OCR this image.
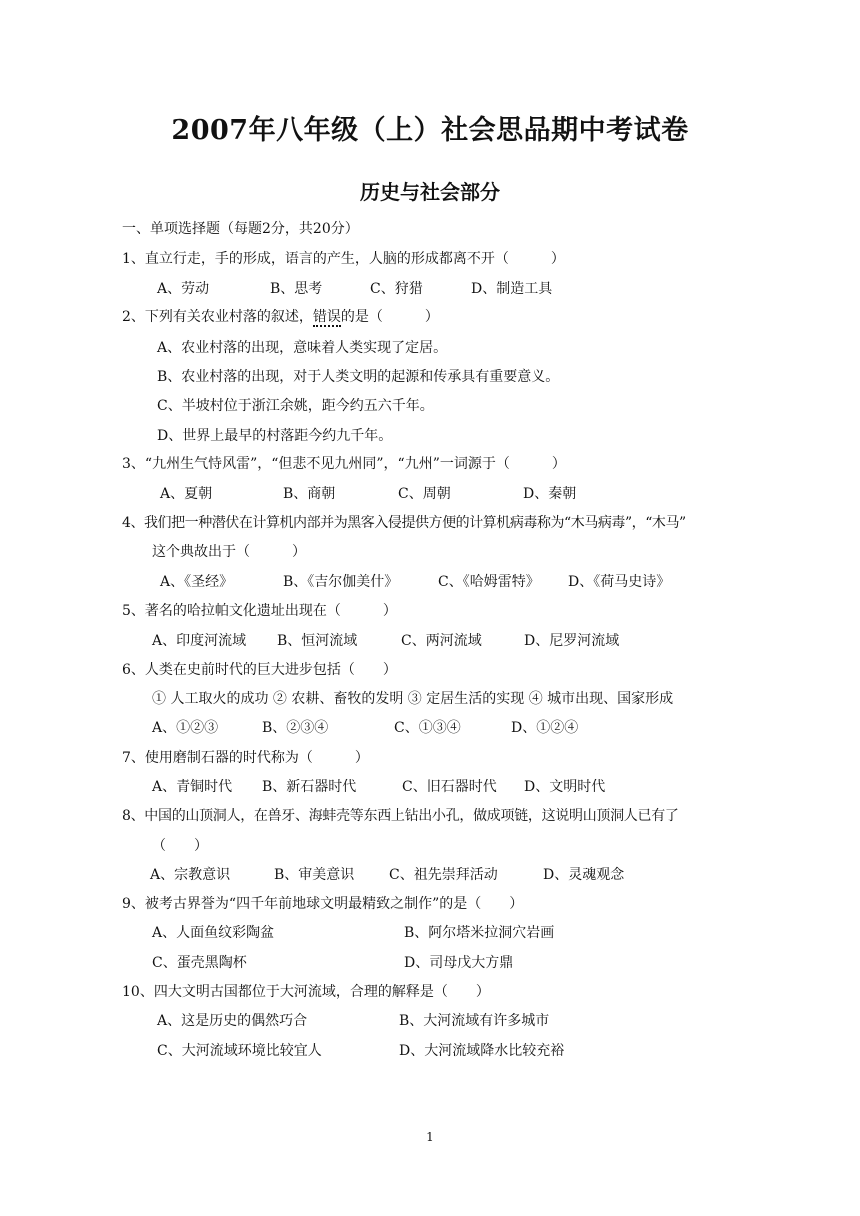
2007年八年级（上）社会思品期中考试卷
历史与社会部分
一、单项选择题（每题2分，共20分）
1、直立行走，手的形成，语言的产生，人脑的形成都离不开（　　　）
A、劳动	B、思考	C、狩猎	D、制造工具
2、下列有关农业村落的叙述，错误的是（　　　）
A、农业村落的出现，意味着人类实现了定居。
B、农业村落的出现，对于人类文明的起源和传承具有重要意义。
C、半坡村位于浙江余姚，距今约五六千年。
D、世界上最早的村落距今约九千年。
3、“九州生气恃风雷”，“但悲不见九州同”，“九州”一词源于（　　　）
A、夏朝	B、商朝	C、周朝	D、秦朝
4、我们把一种潜伏在计算机内部并为黑客入侵提供方便的计算机病毒称为“木马病毒”，“木马”
这个典故出于（　　　）
A、《圣经》	B、《吉尔伽美什》	C、《哈姆雷特》 D、《荷马史诗》
5、著名的哈拉帕文化遗址出现在（　　　）
A、印度河流域 B、恒河流域	C、两河流域	D、尼罗河流域
6、人类在史前时代的巨大进步包括（　　）
① 人工取火的成功 ② 农耕、畜牧的发明 ③ 定居生活的实现 ④ 城市出现、国家形成
A、①②③	B、②③④	C、①③④	D、①②④
7、使用磨制石器的时代称为（　　　）
A、青铜时代 B、新石器时代	C、旧石器时代 D、文明时代
8、中国的山顶洞人，在兽牙、海蚌壳等东西上钻出小孔，做成项链，这说明山顶洞人已有了
（　　）
A、宗教意识	B、审美意识 C、祖先崇拜活动	D、灵魂观念
9、被考古界誉为“四千年前地球文明最精致之制作”的是（　　）
A、人面鱼纹彩陶盆	B、阿尔塔米拉洞穴岩画
C、蛋壳黑陶杯	D、司母戊大方鼎
10、四大文明古国都位于大河流域，合理的解释是（　　）
A、这是历史的偶然巧合	B、大河流域有许多城市
C、大河流域环境比较宜人	D、大河流域降水比较充裕
1
